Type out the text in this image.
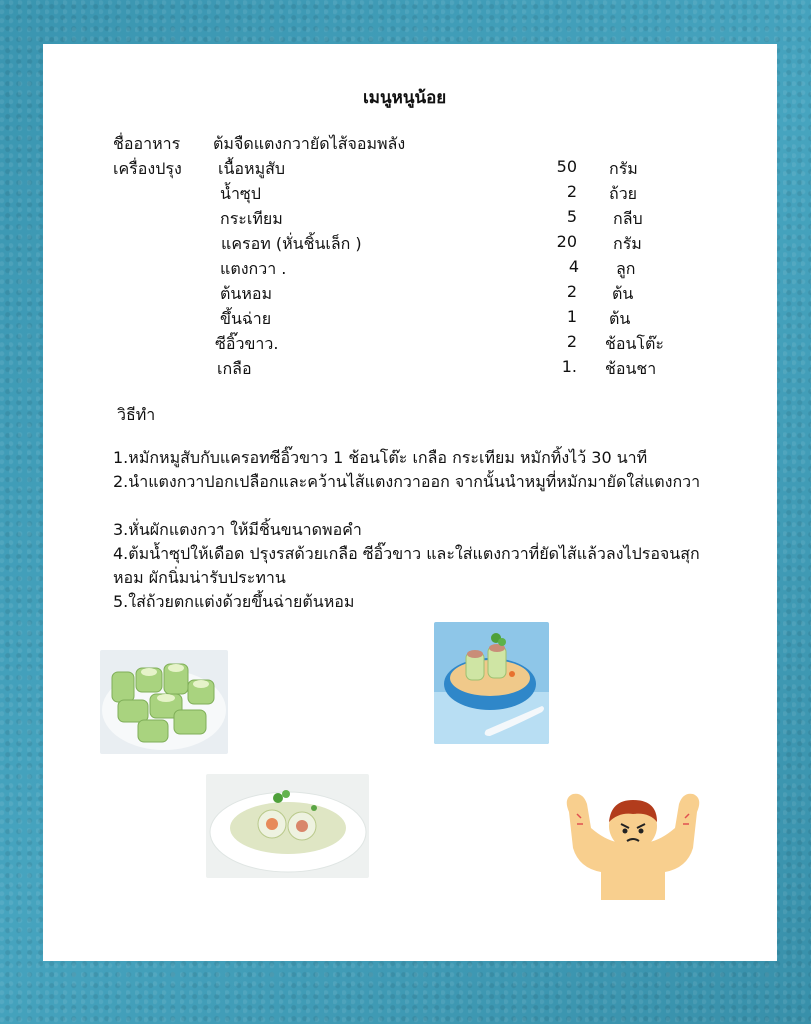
เมนูหนูน้อย
ชื่ออาหาร ต้มจืดแตงกวายัดไส้จอมพลัง
เครื่องปรุง เนื้อหมูสับ	50 กรัม
น้ำซุป	2 ถ้วย
กระเทียม	5 กลีบ
แครอท (หั่นชิ้นเล็ก )	20 กรัม
แตงกวา .	4 ลูก
ต้นหอม	2 ต้น
ขึ้นฉ่าย	1 ต้น
ซีอิ๊วขาว.	2 ช้อนโต๊ะ
เกลือ	1. ช้อนชา
วิธีทำ
1.หมักหมูสับกับแครอทซีอิ๊วขาว 1 ช้อนโต๊ะ เกลือ กระเทียม หมักทิ้งไว้ 30 นาที
2.นำแตงกวาปอกเปลือกและคว้านไส้แตงกวาออก จากนั้นนำหมูที่หมักมายัดใส่แตงกวา
3.หั่นผักแตงกวา ให้มีชิ้นขนาดพอคำ
4.ต้มน้ำซุปให้เดือด ปรุงรสด้วยเกลือ ซีอิ๊วขาว และใส่แตงกวาที่ยัดไส้แล้วลงไปรอจนสุกหอม ผักนิ่มน่ารับประทาน
5.ใส่ถ้วยตกแต่งด้วยขึ้นฉ่ายต้นหอม
